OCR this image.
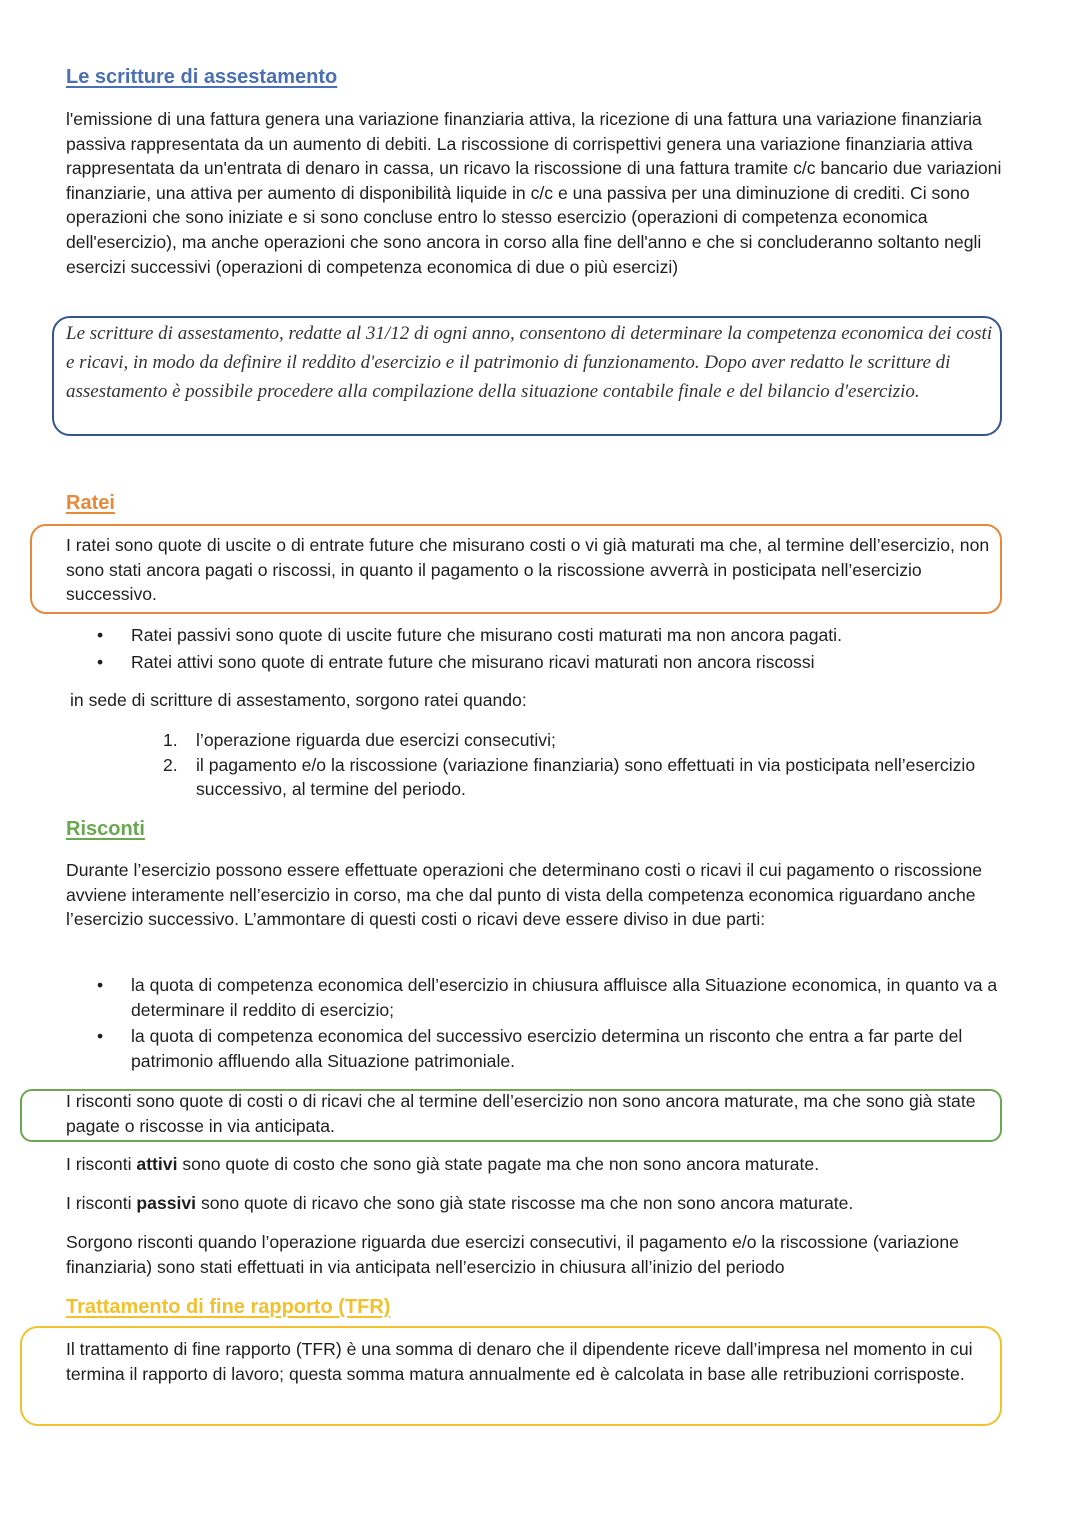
Le scritture di assestamento

l'emissione di una fattura genera una variazione finanziaria attiva, la ricezione di una fattura una variazione finanziaria passiva rappresentata da un aumento di debiti. La riscossione di corrispettivi genera una variazione finanziaria attiva rappresentata da un'entrata di denaro in cassa, un ricavo la riscossione di una fattura tramite c/c bancario due variazioni finanziarie, una attiva per aumento di disponibilità liquide in c/c e una passiva per una diminuzione di crediti. Ci sono operazioni che sono iniziate e si sono concluse entro lo stesso esercizio (operazioni di competenza economica dell'esercizio), ma anche operazioni che sono ancora in corso alla fine dell'anno e che si concluderanno soltanto negli esercizi successivi (operazioni di competenza economica di due o più esercizi)

Le scritture di assestamento, redatte al 31/12 di ogni anno, consentono di determinare la competenza economica dei costi e ricavi, in modo da definire il reddito d'esercizio e il patrimonio di funzionamento. Dopo aver redatto le scritture di assestamento è possibile procedere alla compilazione della situazione contabile finale e del bilancio d'esercizio.

Ratei

I ratei sono quote di uscite o di entrate future che misurano costi o vi già maturati ma che, al termine dell’esercizio, non sono stati ancora pagati o riscossi, in quanto il pagamento o la riscossione avverrà in posticipata nell’esercizio successivo.

• Ratei passivi sono quote di uscite future che misurano costi maturati ma non ancora pagati.
• Ratei attivi sono quote di entrate future che misurano ricavi maturati non ancora riscossi

in sede di scritture di assestamento, sorgono ratei quando:

1. l’operazione riguarda due esercizi consecutivi;
2. il pagamento e/o la riscossione (variazione finanziaria) sono effettuati in via posticipata nell’esercizio successivo, al termine del periodo.
Risconti

Durante l’esercizio possono essere effettuate operazioni che determinano costi o ricavi il cui pagamento o riscossione avviene interamente nell’esercizio in corso, ma che dal punto di vista della competenza economica riguardano anche l’esercizio successivo. L’ammontare di questi costi o ricavi deve essere diviso in due parti:

• la quota di competenza economica dell’esercizio in chiusura affluisce alla Situazione economica, in quanto va a determinare il reddito di esercizio;
• la quota di competenza economica del successivo esercizio determina un risconto che entra a far parte del patrimonio affluendo alla Situazione patrimoniale.

I risconti sono quote di costi o di ricavi che al termine dell’esercizio non sono ancora maturate, ma che sono già state pagate o riscosse in via anticipata.

I risconti attivi sono quote di costo che sono già state pagate ma che non sono ancora maturate.

I risconti passivi sono quote di ricavo che sono già state riscosse ma che non sono ancora maturate.

Sorgono risconti quando l’operazione riguarda due esercizi consecutivi, il pagamento e/o la riscossione (variazione finanziaria) sono stati effettuati in via anticipata nell’esercizio in chiusura all’inizio del periodo

Trattamento di fine rapporto (TFR)

Il trattamento di fine rapporto (TFR) è una somma di denaro che il dipendente riceve dall’impresa nel momento in cui termina il rapporto di lavoro; questa somma matura annualmente ed è calcolata in base alle retribuzioni corrisposte.
